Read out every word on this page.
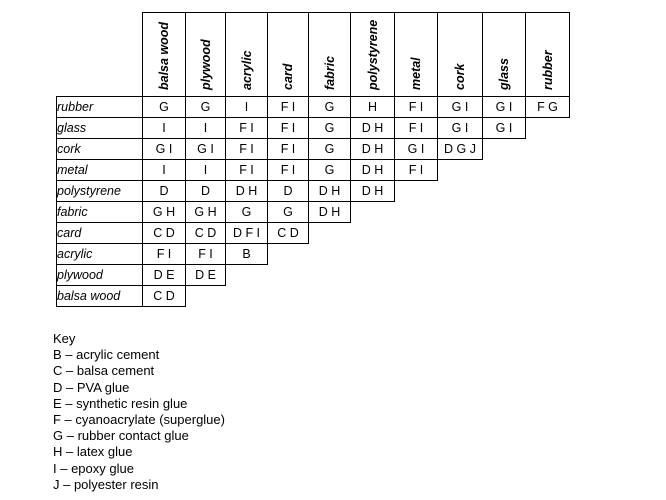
	balsa wood	plywood	acrylic	card	fabric	polystyrene	metal	cork	glass	rubber

rubber	G	G	I	F I	G	H	F I	G I	G I	F G
glass	I	I	F I	F I	G	D H	F I	G I	G I	
cork	G I	G I	F I	F I	G	D H	G I	D G J		
metal	I	I	F I	F I	G	D H	F I			
polystyrene	D	D	D H	D	D H	D H				
fabric	G H	G H	G	G	D H					
card	C D	C D	D F I	C D						
acrylic	F I	F I	B							
plywood	D E	D E								
balsa wood	C D									
Key
B – acrylic cement
C – balsa cement
D – PVA glue
E – synthetic resin glue
F – cyanoacrylate (superglue)
G – rubber contact glue
H – latex glue
I – epoxy glue
J – polyester resin
